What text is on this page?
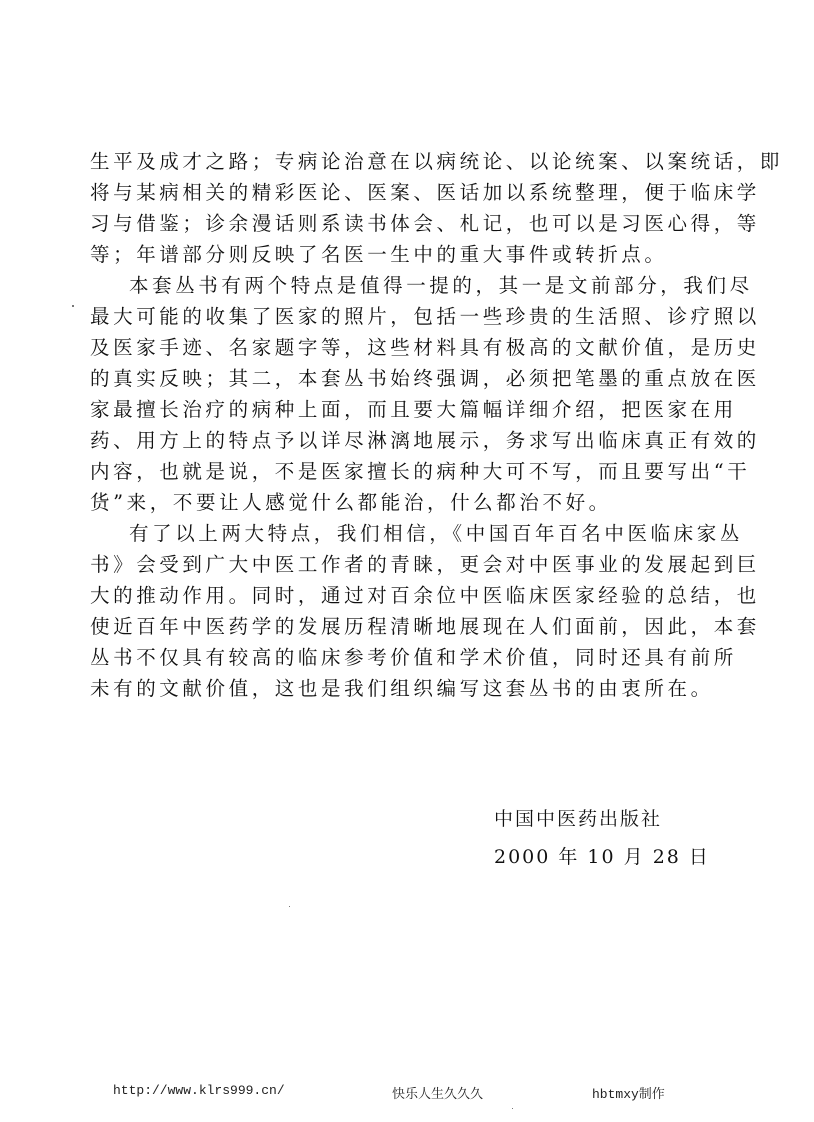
生平及成才之路；专病论治意在以病统论、以论统案、以案统话，即
将与某病相关的精彩医论、医案、医话加以系统整理，便于临床学
习与借鉴；诊余漫话则系读书体会、札记，也可以是习医心得，等
等；年谱部分则反映了名医一生中的重大事件或转折点。
本套丛书有两个特点是值得一提的，其一是文前部分，我们尽
最大可能的收集了医家的照片，包括一些珍贵的生活照、诊疗照以
及医家手迹、名家题字等，这些材料具有极高的文献价值，是历史
的真实反映；其二，本套丛书始终强调，必须把笔墨的重点放在医
家最擅长治疗的病种上面，而且要大篇幅详细介绍，把医家在用
药、用方上的特点予以详尽淋漓地展示，务求写出临床真正有效的
内容，也就是说，不是医家擅长的病种大可不写，而且要写出“干
货”来，不要让人感觉什么都能治，什么都治不好。
有了以上两大特点，我们相信，《中国百年百名中医临床家丛
书》会受到广大中医工作者的青睐，更会对中医事业的发展起到巨
大的推动作用。同时，通过对百余位中医临床医家经验的总结，也
使近百年中医药学的发展历程清晰地展现在人们面前，因此，本套
丛书不仅具有较高的临床参考价值和学术价值，同时还具有前所
未有的文献价值，这也是我们组织编写这套丛书的由衷所在。
中国中医药出版社
2000 年 10 月 28 日
http://www.klrs999.cn/	快乐人生久久久	hbtmxy制作
